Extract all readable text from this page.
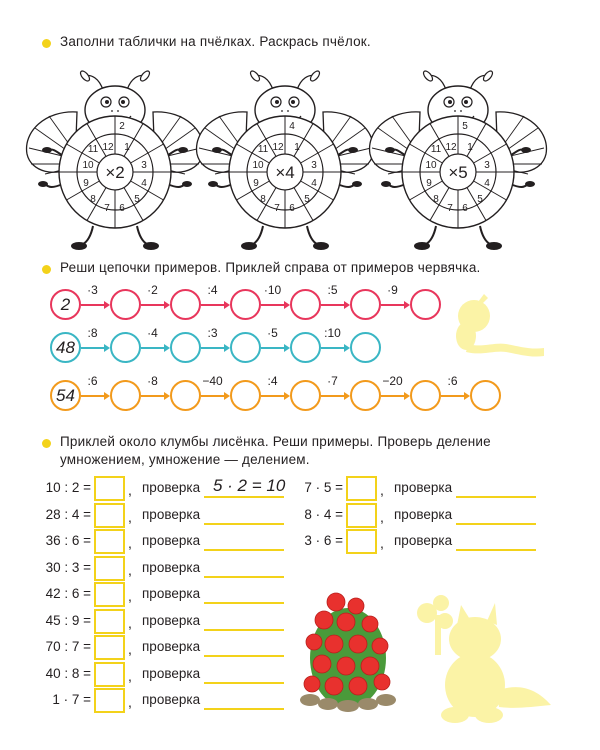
Заполни таблички на пчёлках. Раскрась пчёлок.
2
12 1
3
4
5
6
7
8
9
10
11
×2
4
12 1
3
4
5
6
7
8
9
10
11
×4
5
12 1
3
4
5
6
7
8
9
10
11
×5
Реши цепочки примеров. Приклей справа от примеров червячка.
2
·3	·2	:4	·10	:5	·9
48
:8	·4	:3	·5	:10
54
:6	·8	−40	:4	·7	−20	:6
Приклей около клумбы лисёнка. Реши примеры. Проверь деление умножением, умножение — делением.
10 : 2 =	, проверка
28 : 4 =	, проверка
36 : 6 =	, проверка
30 : 3 =	, проверка
42 : 6 =	, проверка
45 : 9 =	, проверка
70 : 7 =	, проверка
40 : 8 =	, проверка
1 · 7 =	, проверка
7 · 5 =	, проверка
8 · 4 =	, проверка
3 · 6 =	, проверка
5 · 2 = 10
